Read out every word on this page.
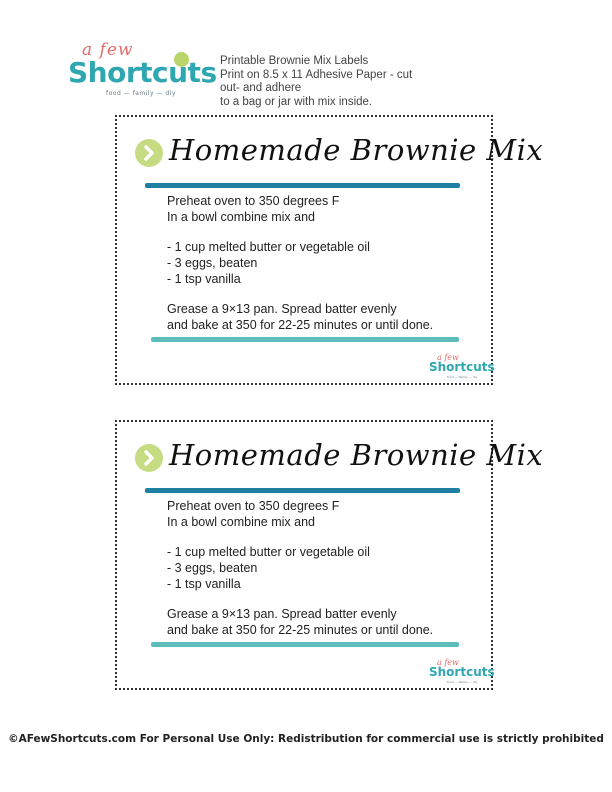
a few
Shortcuts
food — family — diy
Printable Brownie Mix Labels
Print on 8.5 x 11 Adhesive Paper - cut out- and adhere
to a bag or jar with mix inside.
Homemade Brownie Mix
Preheat oven to 350 degrees F
In a bowl combine mix and
- 1 cup melted butter or vegetable oil
- 3 eggs, beaten
- 1 tsp vanilla
Grease a 9×13 pan. Spread batter evenly
and bake at 350 for 22-25 minutes or until done.
a few
Shortcuts
food — family — diy
Homemade Brownie Mix
Preheat oven to 350 degrees F
In a bowl combine mix and
- 1 cup melted butter or vegetable oil
- 3 eggs, beaten
- 1 tsp vanilla
Grease a 9×13 pan. Spread batter evenly
and bake at 350 for 22-25 minutes or until done.
a few
Shortcuts
food — family — diy
©AFewShortcuts.com For Personal Use Only: Redistribution for commercial use is strictly prohibited
